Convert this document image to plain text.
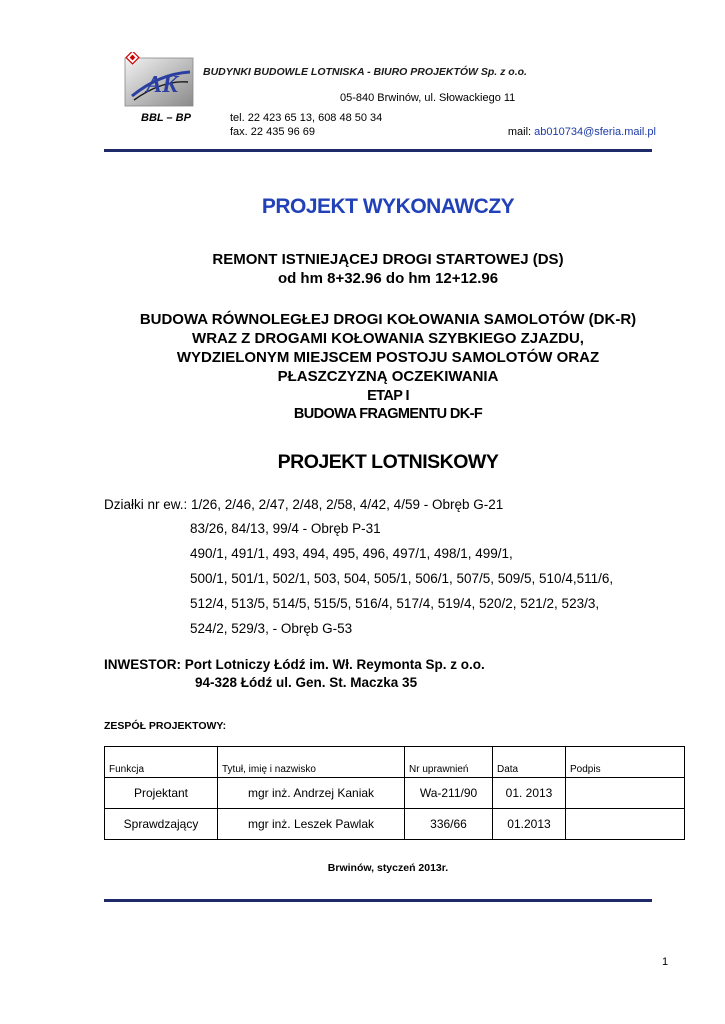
AK BUDYNKI BUDOWLE LOTNISKA - BIURO PROJEKTÓW Sp. z o.o.
05-840 Brwinów, ul. Słowackiego 11
BBL – BP	tel. 22 423 65 13, 608 48 50 34
fax. 22 435 96 69	mail: ab010734@sferia.mail.pl
PROJEKT WYKONAWCZY
REMONT ISTNIEJĄCEJ DROGI STARTOWEJ (DS)
od hm 8+32.96 do hm 12+12.96
BUDOWA RÓWNOLEGŁEJ DROGI KOŁOWANIA SAMOLOTÓW (DK-R)
WRAZ Z DROGAMI KOŁOWANIA SZYBKIEGO ZJAZDU,
WYDZIELONYM MIEJSCEM POSTOJU SAMOLOTÓW ORAZ
PŁASZCZYZNĄ OCZEKIWANIA
ETAP I
BUDOWA FRAGMENTU DK-F
PROJEKT LOTNISKOWY
Działki nr ew.: 1/26, 2/46, 2/47, 2/48, 2/58, 4/42, 4/59 - Obręb G-21
83/26, 84/13, 99/4 - Obręb P-31
490/1, 491/1, 493, 494, 495, 496, 497/1, 498/1, 499/1,
500/1, 501/1, 502/1, 503, 504, 505/1, 506/1, 507/5, 509/5, 510/4,511/6,
512/4, 513/5, 514/5, 515/5, 516/4, 517/4, 519/4, 520/2, 521/2, 523/3,
524/2, 529/3, - Obręb G-53
INWESTOR: Port Lotniczy Łódź im. Wł. Reymonta Sp. z o.o.
94-328 Łódź ul. Gen. St. Maczka 35
ZESPÓŁ PROJEKTOWY:
Funkcja	Tytuł, imię i nazwisko	Nr uprawnień	Data	Podpis
Projektant	mgr inż. Andrzej Kaniak	Wa-211/90	01. 2013	
Sprawdzający	mgr inż. Leszek Pawlak	336/66	01.2013	
Brwinów, styczeń 2013r.
1
